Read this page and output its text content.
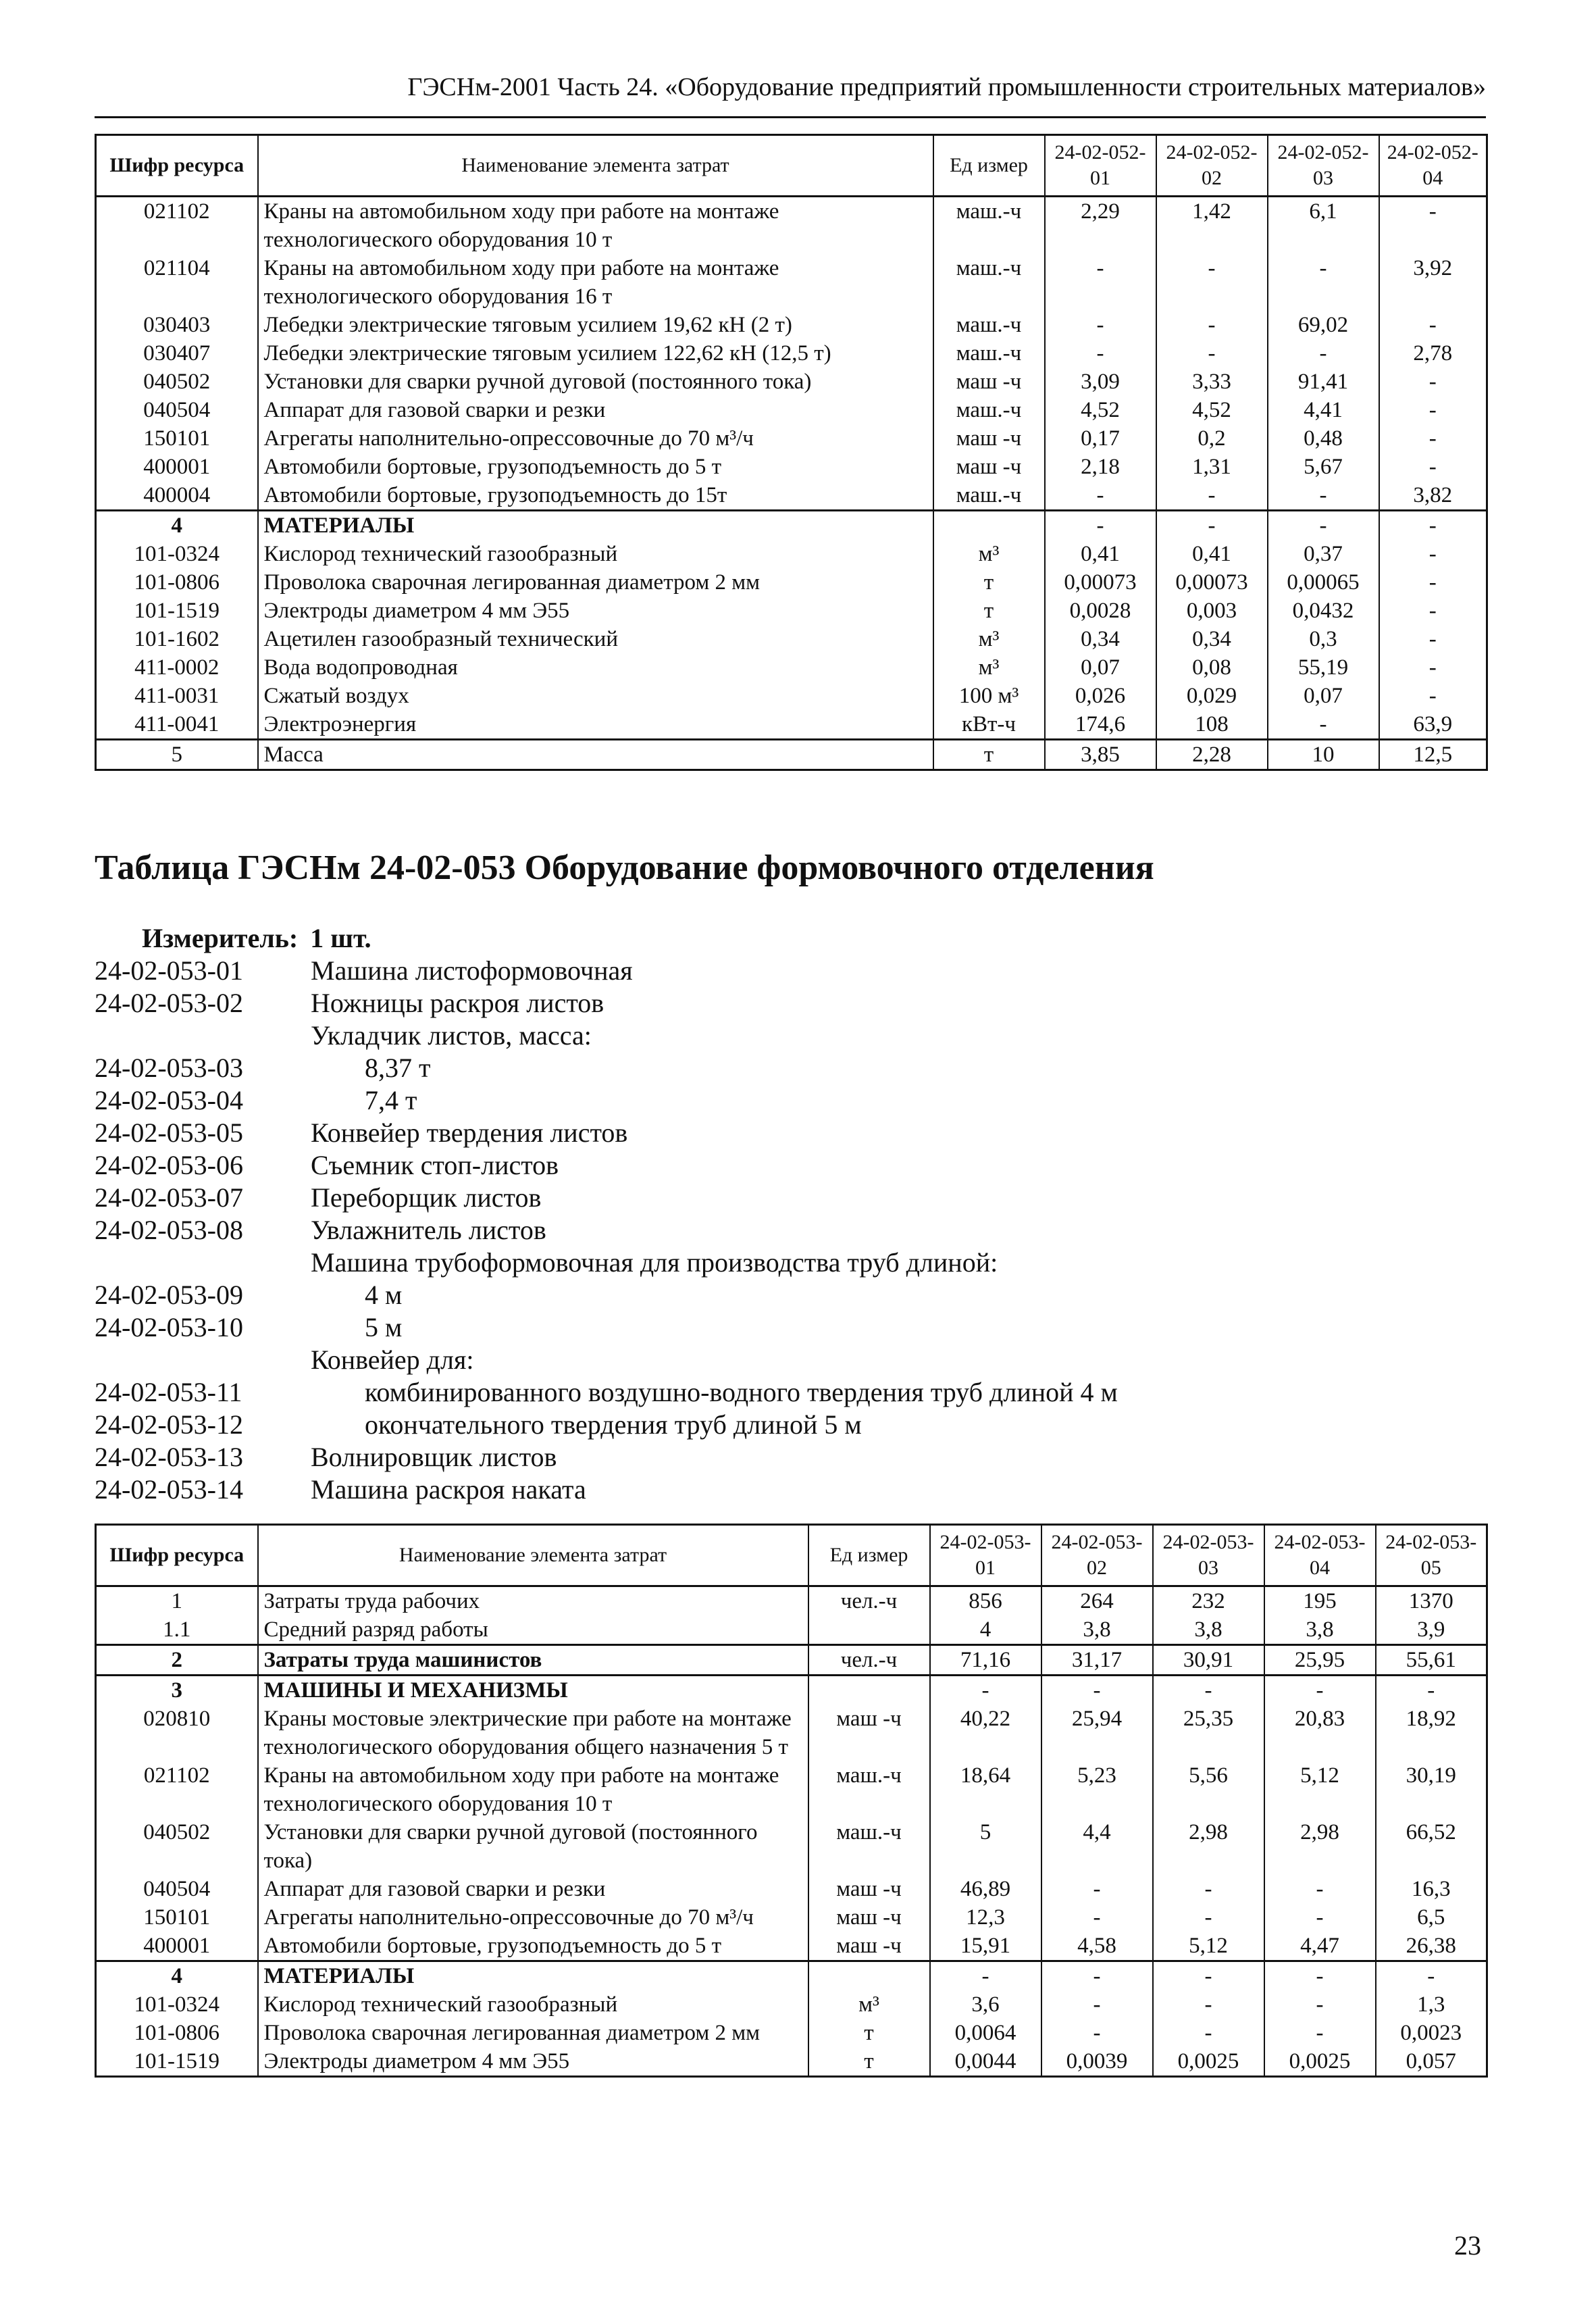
ГЭСНм-2001 Часть 24. «Оборудование предприятий промышленности строительных материалов»
Шифр ресурса	Наименование элемента затрат	Ед измер	24-02-052-01	24-02-052-02	24-02-052-03	24-02-052-04
021102	Краны на автомобильном ходу при работе на монтаже технологического оборудования 10 т	маш.-ч	2,29	1,42	6,1	-
021104	Краны на автомобильном ходу при работе на монтаже технологического оборудования 16 т	маш.-ч	-	-	-	3,92
030403	Лебедки электрические тяговым усилием 19,62 кН (2 т)	маш.-ч	-	-	69,02	-
030407	Лебедки электрические тяговым усилием 122,62 кН (12,5 т)	маш.-ч	-	-	-	2,78
040502	Установки для сварки ручной дуговой (постоянного тока)	маш -ч	3,09	3,33	91,41	-
040504	Аппарат для газовой сварки и резки	маш.-ч	4,52	4,52	4,41	-
150101	Агрегаты наполнительно-опрессовочные до 70 м³/ч	маш -ч	0,17	0,2	0,48	-
400001	Автомобили бортовые, грузоподъемность до 5 т	маш -ч	2,18	1,31	5,67	-
400004	Автомобили бортовые, грузоподъемность до 15т	маш.-ч	-	-	-	3,82
4	МАТЕРИАЛЫ		-	-	-	-
101-0324	Кислород технический газообразный	м³	0,41	0,41	0,37	-
101-0806	Проволока сварочная легированная диаметром 2 мм	т	0,00073	0,00073	0,00065	-
101-1519	Электроды диаметром 4 мм Э55	т	0,0028	0,003	0,0432	-
101-1602	Ацетилен газообразный технический	м³	0,34	0,34	0,3	-
411-0002	Вода водопроводная	м³	0,07	0,08	55,19	-
411-0031	Сжатый воздух	100 м³	0,026	0,029	0,07	-
411-0041	Электроэнергия	кВт-ч	174,6	108	-	63,9
5	Масса	т	3,85	2,28	10	12,5
Таблица ГЭСНм 24-02-053 Оборудование формовочного отделения
Измеритель: 1 шт.
24-02-053-01	Машина листоформовочная
24-02-053-02	Ножницы раскроя листов
Укладчик листов, масса:
24-02-053-03	8,37 т
24-02-053-04	7,4 т
24-02-053-05	Конвейер твердения листов
24-02-053-06	Съемник стоп-листов
24-02-053-07	Переборщик листов
24-02-053-08	Увлажнитель листов
Машина трубоформовочная для производства труб длиной:
24-02-053-09	4 м
24-02-053-10	5 м
Конвейер для:
24-02-053-11	комбинированного воздушно-водного твердения труб длиной 4 м
24-02-053-12	окончательного твердения труб длиной 5 м
24-02-053-13	Волнировщик листов
24-02-053-14	Машина раскроя наката
Шифр ресурса	Наименование элемента затрат	Ед измер	24-02-053-01	24-02-053-02	24-02-053-03	24-02-053-04	24-02-053-05
1	Затраты труда рабочих	чел.-ч	856	264	232	195	1370
1.1	Средний разряд работы		4	3,8	3,8	3,8	3,9
2	Затраты труда машинистов	чел.-ч	71,16	31,17	30,91	25,95	55,61
3	МАШИНЫ И МЕХАНИЗМЫ		-	-	-	-	-
020810	Краны мостовые электрические при работе на монтаже технологического оборудования общего назначения 5 т	маш -ч	40,22	25,94	25,35	20,83	18,92
021102	Краны на автомобильном ходу при работе на монтаже технологического оборудования 10 т	маш.-ч	18,64	5,23	5,56	5,12	30,19
040502	Установки для сварки ручной дуговой (постоянного тока)	маш.-ч	5	4,4	2,98	2,98	66,52
040504	Аппарат для газовой сварки и резки	маш -ч	46,89	-	-	-	16,3
150101	Агрегаты наполнительно-опрессовочные до 70 м³/ч	маш -ч	12,3	-	-	-	6,5
400001	Автомобили бортовые, грузоподъемность до 5 т	маш -ч	15,91	4,58	5,12	4,47	26,38
4	МАТЕРИАЛЫ		-	-	-	-	-
101-0324	Кислород технический газообразный	м³	3,6	-	-	-	1,3
101-0806	Проволока сварочная легированная диаметром 2 мм	т	0,0064	-	-	-	0,0023
101-1519	Электроды диаметром 4 мм Э55	т	0,0044	0,0039	0,0025	0,0025	0,057
23
